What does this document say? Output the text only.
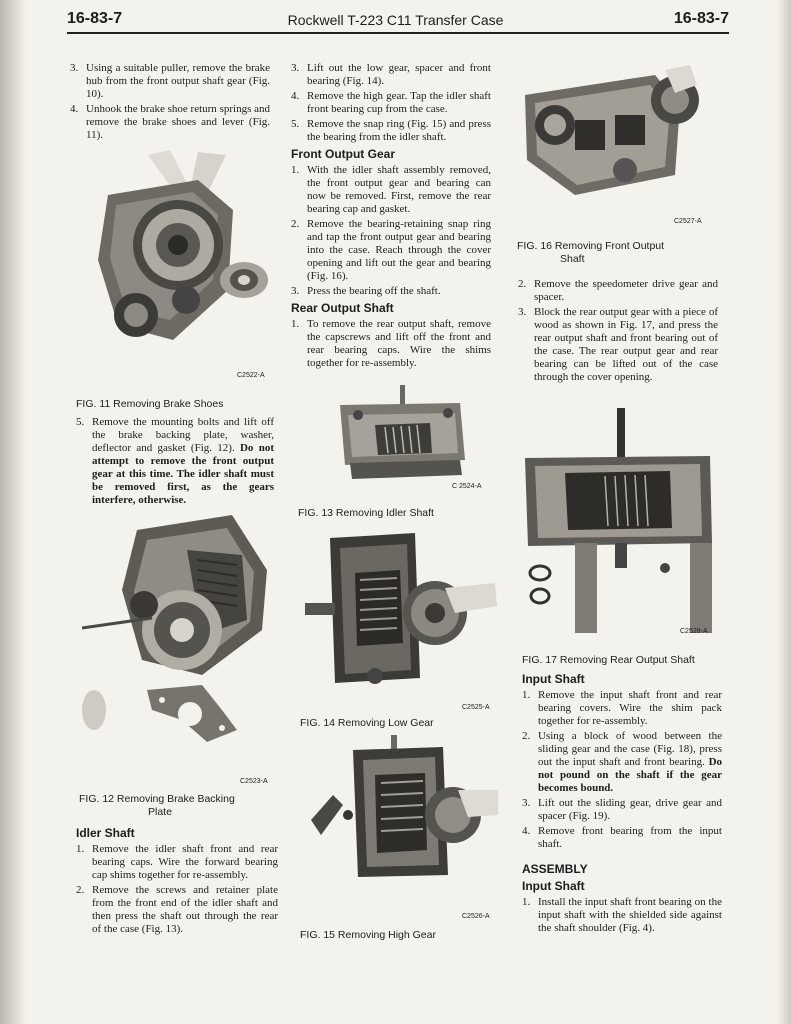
16-83-7	Rockwell T-223 C11 Transfer Case	16-83-7
3. Using a suitable puller, remove the brake hub from the front output shaft gear (Fig. 10).
4. Unhook the brake shoe return springs and remove the brake shoes and lever (Fig. 11).
C2522-A
FIG. 11 Removing Brake Shoes
5. Remove the mounting bolts and lift off the brake backing plate, washer, deflector and gasket (Fig. 12). Do not attempt to remove the front output gear at this time. The idler shaft must be removed first, as the gears interfere, otherwise.
C2523-A
FIG. 12 Removing Brake Backing
Plate
Idler Shaft
1. Remove the idler shaft front and rear bearing caps. Wire the forward bearing cap shims together for re-assembly.
2. Remove the screws and retainer plate from the front end of the idler shaft and then press the shaft out through the rear of the case (Fig. 13).
3. Lift out the low gear, spacer and front bearing (Fig. 14).
4. Remove the high gear. Tap the idler shaft front bearing cup from the case.
5. Remove the snap ring (Fig. 15) and press the bearing from the idler shaft.
Front Output Gear
1. With the idler shaft assembly removed, the front output gear and bearing can now be removed. First, remove the rear bearing cap and gasket.
2. Remove the bearing-retaining snap ring and tap the front output gear and bearing into the case. Reach through the cover opening and lift out the gear and bearing (Fig. 16).
3. Press the bearing off the shaft.
Rear Output Shaft
1. To remove the rear output shaft, remove the capscrews and lift off the front and rear bearing caps. Wire the shims together for re-assembly.
C 2524-A
FIG. 13 Removing Idler Shaft
C2525-A
FIG. 14 Removing Low Gear
C2526-A
FIG. 15 Removing High Gear
C2527-A
FIG. 16 Removing Front Output
Shaft
2. Remove the speedometer drive gear and spacer.
3. Block the rear output gear with a piece of wood as shown in Fig. 17, and press the rear output shaft and front bearing out of the case. The rear output gear and rear bearing can be lifted out of the case through the cover opening.
C2528-A
FIG. 17 Removing Rear Output Shaft
Input Shaft
1. Remove the input shaft front and rear bearing covers. Wire the shim pack together for re-assembly.
2. Using a block of wood between the sliding gear and the case (Fig. 18), press out the input shaft and front bearing. Do not pound on the shaft if the gear becomes bound.
3. Lift out the sliding gear, drive gear and spacer (Fig. 19).
4. Remove front bearing from the input shaft.
ASSEMBLY
Input Shaft
1. Install the input shaft front bearing on the input shaft with the shielded side against the shaft shoulder (Fig. 4).
